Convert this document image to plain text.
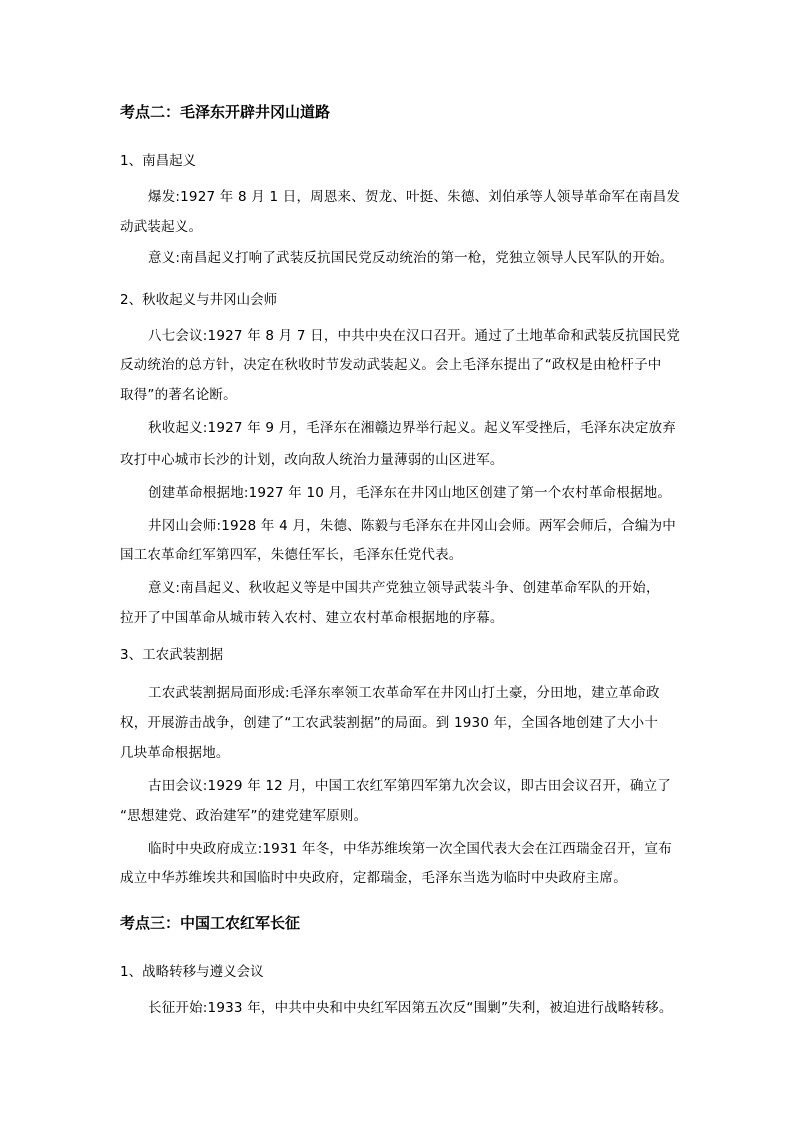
考点二：毛泽东开辟井冈山道路
1、南昌起义
爆发:1927 年 8 月 1 日，周恩来、贺龙、叶挺、朱德、刘伯承等人领导革命军在南昌发
动武装起义。
意义:南昌起义打响了武装反抗国民党反动统治的第一枪，党独立领导人民军队的开始。
2、秋收起义与井冈山会师
八七会议:1927 年 8 月 7 日，中共中央在汉口召开。通过了土地革命和武装反抗国民党
反动统治的总方针，决定在秋收时节发动武装起义。会上毛泽东提出了“政权是由枪杆子中
取得”的著名论断。
秋收起义:1927 年 9 月，毛泽东在湘赣边界举行起义。起义军受挫后，毛泽东决定放弃
攻打中心城市长沙的计划，改向敌人统治力量薄弱的山区进军。
创建革命根据地:1927 年 10 月，毛泽东在井冈山地区创建了第一个农村革命根据地。
井冈山会师:1928 年 4 月，朱德、陈毅与毛泽东在井冈山会师。两军会师后，合编为中
国工农革命红军第四军，朱德任军长，毛泽东任党代表。
意义:南昌起义、秋收起义等是中国共产党独立领导武装斗争、创建革命军队的开始，
拉开了中国革命从城市转入农村、建立农村革命根据地的序幕。
3、工农武装割据
工农武装割据局面形成:毛泽东率领工农革命军在井冈山打土豪，分田地，建立革命政
权，开展游击战争，创建了“工农武装割据”的局面。到 1930 年，全国各地创建了大小十
几块革命根据地。
古田会议:1929 年 12 月，中国工农红军第四军第九次会议，即古田会议召开，确立了
“思想建党、政治建军”的建党建军原则。
临时中央政府成立:1931 年冬，中华苏维埃第一次全国代表大会在江西瑞金召开，宣布
成立中华苏维埃共和国临时中央政府，定都瑞金，毛泽东当选为临时中央政府主席。
考点三：中国工农红军长征
1、战略转移与遵义会议
长征开始:1933 年，中共中央和中央红军因第五次反“围剿”失利，被迫进行战略转移。
